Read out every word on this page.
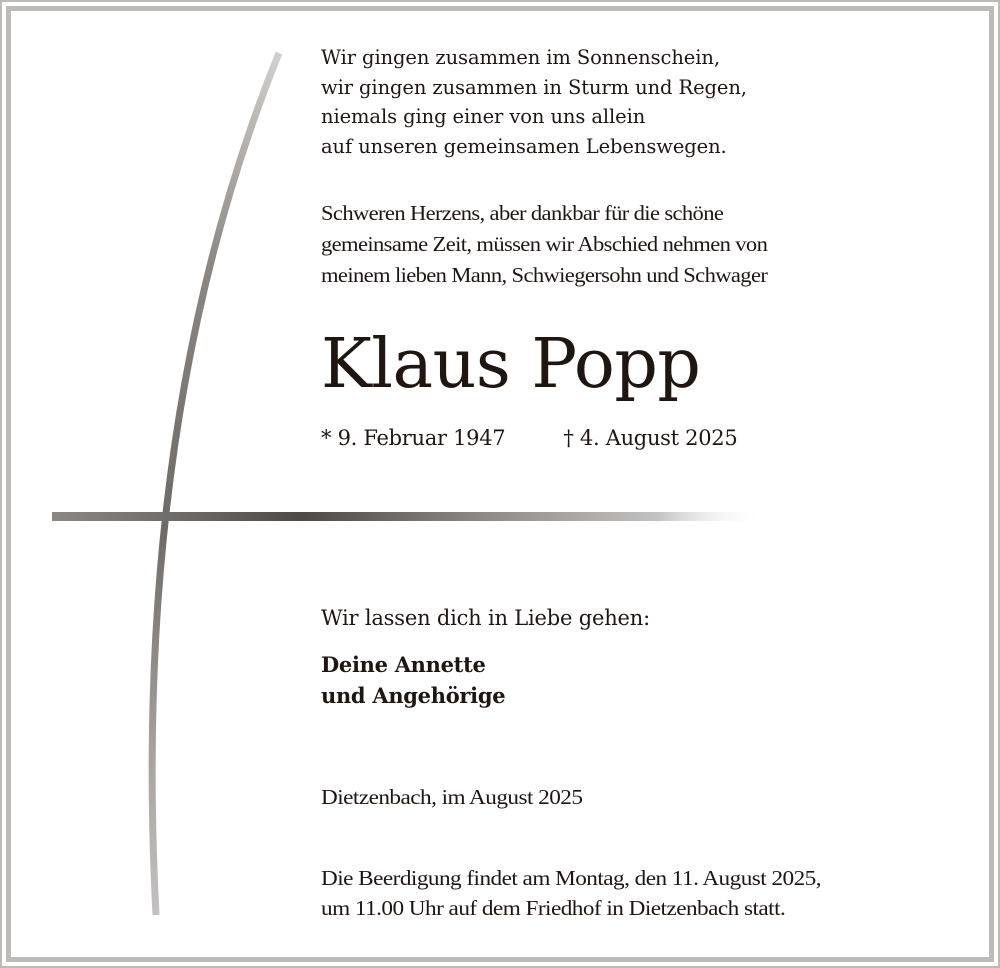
Wir gingen zusammen im Sonnenschein,
wir gingen zusammen in Sturm und Regen,
niemals ging einer von uns allein
auf unseren gemeinsamen Lebenswegen.
Schweren Herzens, aber dankbar für die schöne
gemeinsame Zeit, müssen wir Abschied nehmen von
meinem lieben Mann, Schwiegersohn und Schwager
Klaus Popp
* 9. Februar 1947	† 4. August 2025
Wir lassen dich in Liebe gehen:
Deine Annette
und Angehörige
Dietzenbach, im August 2025
Die Beerdigung findet am Montag, den 11. August 2025,
um 11.00 Uhr auf dem Friedhof in Dietzenbach statt.
